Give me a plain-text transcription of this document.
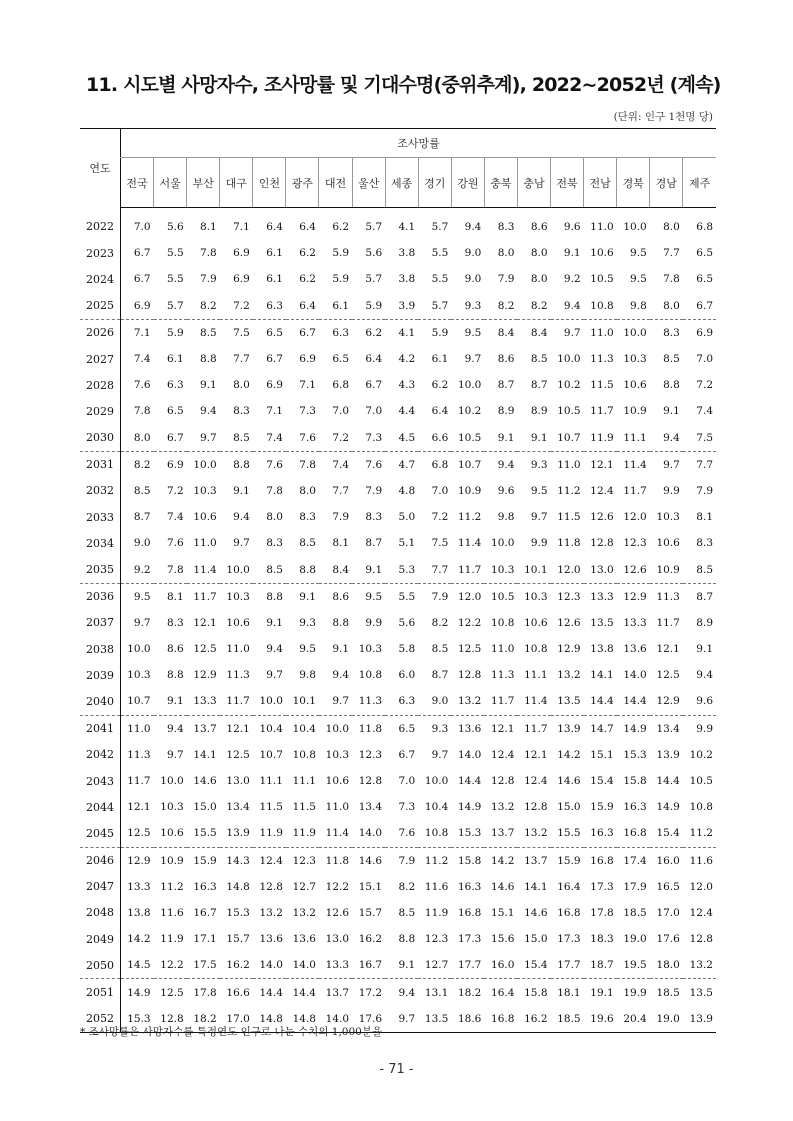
11. 시도별 사망자수, 조사망률 및 기대수명(중위추계), 2022~2052년 (계속)
(단위: 인구 1천명 당)
연도	조사망률																	
	전국	서울	부산	대구	인천	광주	대전	울산	세종	경기	강원	충북	충남	전북	전남	경북	경남	제주
2022	7.0	5.6	8.1	7.1	6.4	6.4	6.2	5.7	4.1	5.7	9.4	8.3	8.6	9.6	11.0	10.0	8.0	6.8
2023	6.7	5.5	7.8	6.9	6.1	6.2	5.9	5.6	3.8	5.5	9.0	8.0	8.0	9.1	10.6	9.5	7.7	6.5
2024	6.7	5.5	7.9	6.9	6.1	6.2	5.9	5.7	3.8	5.5	9.0	7.9	8.0	9.2	10.5	9.5	7.8	6.5
2025	6.9	5.7	8.2	7.2	6.3	6.4	6.1	5.9	3.9	5.7	9.3	8.2	8.2	9.4	10.8	9.8	8.0	6.7
2026	7.1	5.9	8.5	7.5	6.5	6.7	6.3	6.2	4.1	5.9	9.5	8.4	8.4	9.7	11.0	10.0	8.3	6.9
2027	7.4	6.1	8.8	7.7	6.7	6.9	6.5	6.4	4.2	6.1	9.7	8.6	8.5	10.0	11.3	10.3	8.5	7.0
2028	7.6	6.3	9.1	8.0	6.9	7.1	6.8	6.7	4.3	6.2	10.0	8.7	8.7	10.2	11.5	10.6	8.8	7.2
2029	7.8	6.5	9.4	8.3	7.1	7.3	7.0	7.0	4.4	6.4	10.2	8.9	8.9	10.5	11.7	10.9	9.1	7.4
2030	8.0	6.7	9.7	8.5	7.4	7.6	7.2	7.3	4.5	6.6	10.5	9.1	9.1	10.7	11.9	11.1	9.4	7.5
2031	8.2	6.9	10.0	8.8	7.6	7.8	7.4	7.6	4.7	6.8	10.7	9.4	9.3	11.0	12.1	11.4	9.7	7.7
2032	8.5	7.2	10.3	9.1	7.8	8.0	7.7	7.9	4.8	7.0	10.9	9.6	9.5	11.2	12.4	11.7	9.9	7.9
2033	8.7	7.4	10.6	9.4	8.0	8.3	7.9	8.3	5.0	7.2	11.2	9.8	9.7	11.5	12.6	12.0	10.3	8.1
2034	9.0	7.6	11.0	9.7	8.3	8.5	8.1	8.7	5.1	7.5	11.4	10.0	9.9	11.8	12.8	12.3	10.6	8.3
2035	9.2	7.8	11.4	10.0	8.5	8.8	8.4	9.1	5.3	7.7	11.7	10.3	10.1	12.0	13.0	12.6	10.9	8.5
2036	9.5	8.1	11.7	10.3	8.8	9.1	8.6	9.5	5.5	7.9	12.0	10.5	10.3	12.3	13.3	12.9	11.3	8.7
2037	9.7	8.3	12.1	10.6	9.1	9.3	8.8	9.9	5.6	8.2	12.2	10.8	10.6	12.6	13.5	13.3	11.7	8.9
2038	10.0	8.6	12.5	11.0	9.4	9.5	9.1	10.3	5.8	8.5	12.5	11.0	10.8	12.9	13.8	13.6	12.1	9.1
2039	10.3	8.8	12.9	11.3	9.7	9.8	9.4	10.8	6.0	8.7	12.8	11.3	11.1	13.2	14.1	14.0	12.5	9.4
2040	10.7	9.1	13.3	11.7	10.0	10.1	9.7	11.3	6.3	9.0	13.2	11.7	11.4	13.5	14.4	14.4	12.9	9.6
2041	11.0	9.4	13.7	12.1	10.4	10.4	10.0	11.8	6.5	9.3	13.6	12.1	11.7	13.9	14.7	14.9	13.4	9.9
2042	11.3	9.7	14.1	12.5	10.7	10.8	10.3	12.3	6.7	9.7	14.0	12.4	12.1	14.2	15.1	15.3	13.9	10.2
2043	11.7	10.0	14.6	13.0	11.1	11.1	10.6	12.8	7.0	10.0	14.4	12.8	12.4	14.6	15.4	15.8	14.4	10.5
2044	12.1	10.3	15.0	13.4	11.5	11.5	11.0	13.4	7.3	10.4	14.9	13.2	12.8	15.0	15.9	16.3	14.9	10.8
2045	12.5	10.6	15.5	13.9	11.9	11.9	11.4	14.0	7.6	10.8	15.3	13.7	13.2	15.5	16.3	16.8	15.4	11.2
2046	12.9	10.9	15.9	14.3	12.4	12.3	11.8	14.6	7.9	11.2	15.8	14.2	13.7	15.9	16.8	17.4	16.0	11.6
2047	13.3	11.2	16.3	14.8	12.8	12.7	12.2	15.1	8.2	11.6	16.3	14.6	14.1	16.4	17.3	17.9	16.5	12.0
2048	13.8	11.6	16.7	15.3	13.2	13.2	12.6	15.7	8.5	11.9	16.8	15.1	14.6	16.8	17.8	18.5	17.0	12.4
2049	14.2	11.9	17.1	15.7	13.6	13.6	13.0	16.2	8.8	12.3	17.3	15.6	15.0	17.3	18.3	19.0	17.6	12.8
2050	14.5	12.2	17.5	16.2	14.0	14.0	13.3	16.7	9.1	12.7	17.7	16.0	15.4	17.7	18.7	19.5	18.0	13.2
2051	14.9	12.5	17.8	16.6	14.4	14.4	13.7	17.2	9.4	13.1	18.2	16.4	15.8	18.1	19.1	19.9	18.5	13.5
2052	15.3	12.8	18.2	17.0	14.8	14.8	14.0	17.6	9.7	13.5	18.6	16.8	16.2	18.5	19.6	20.4	19.0	13.9
* 조사망률은 사망자수를 특정연도 인구로 나눈 수치의 1,000분율
- 71 -
